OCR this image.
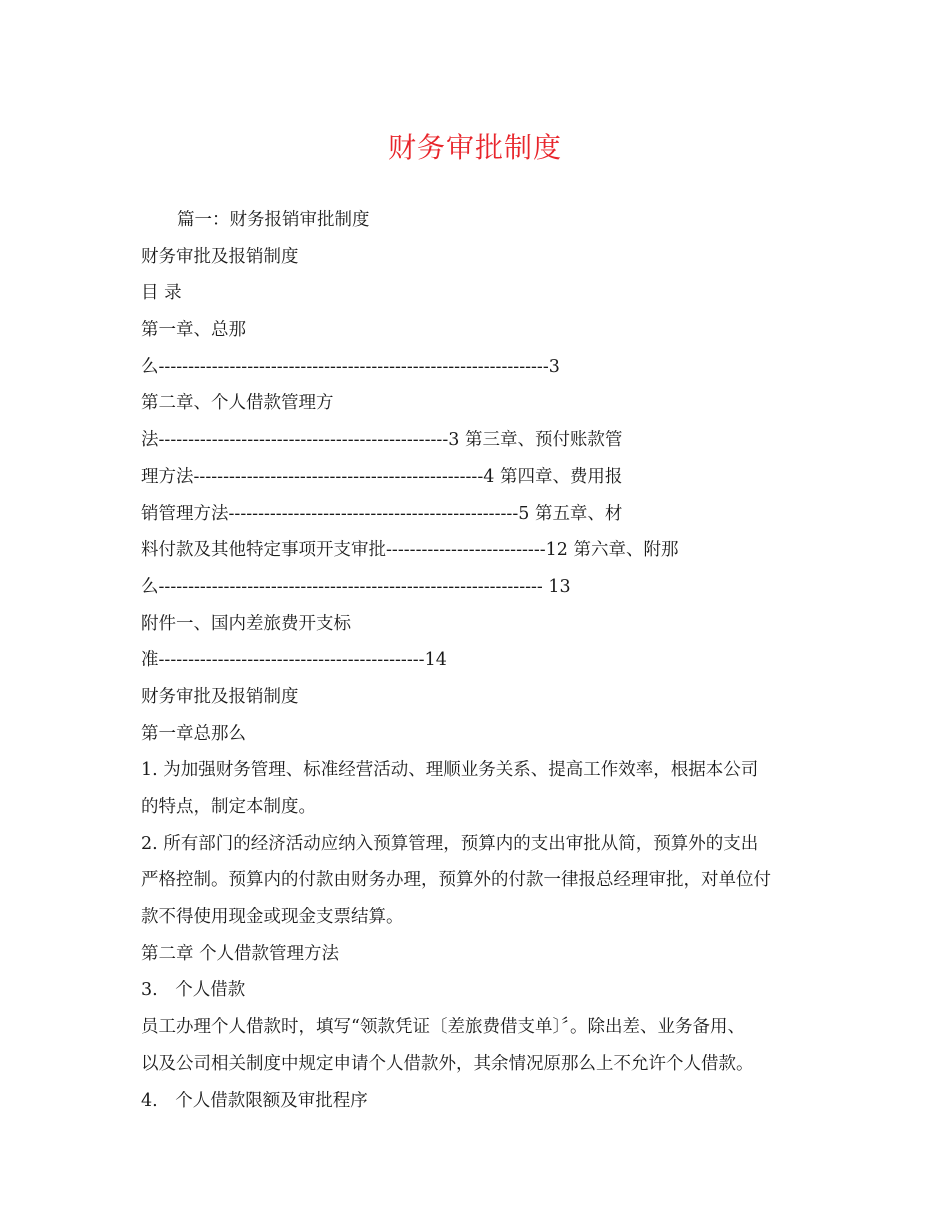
财务审批制度
篇一：财务报销审批制度
财务审批及报销制度
目 录
第一章、总那
么------------------------------------------------------------------3
第二章、个人借款管理方
法-------------------------------------------------3 第三章、预付账款管
理方法-------------------------------------------------4 第四章、费用报
销管理方法-------------------------------------------------5 第五章、材
料付款及其他特定事项开支审批---------------------------12 第六章、附那
么----------------------------------------------------------------- 13
附件一、国内差旅费开支标
准---------------------------------------------14
财务审批及报销制度
第一章总那么
1. 为加强财务管理、标准经营活动、理顺业务关系、提高工作效率，根据本公司
的特点，制定本制度。
2. 所有部门的经济活动应纳入预算管理，预算内的支出审批从简，预算外的支出
严格控制。预算内的付款由财务办理，预算外的付款一律报总经理审批，对单位付
款不得使用现金或现金支票结算。
第二章 个人借款管理方法
3.　个人借款
员工办理个人借款时，填写“领款凭证〔差旅费借支单〕〞。除出差、业务备用、
以及公司相关制度中规定申请个人借款外，其余情况原那么上不允许个人借款。
4.　个人借款限额及审批程序
